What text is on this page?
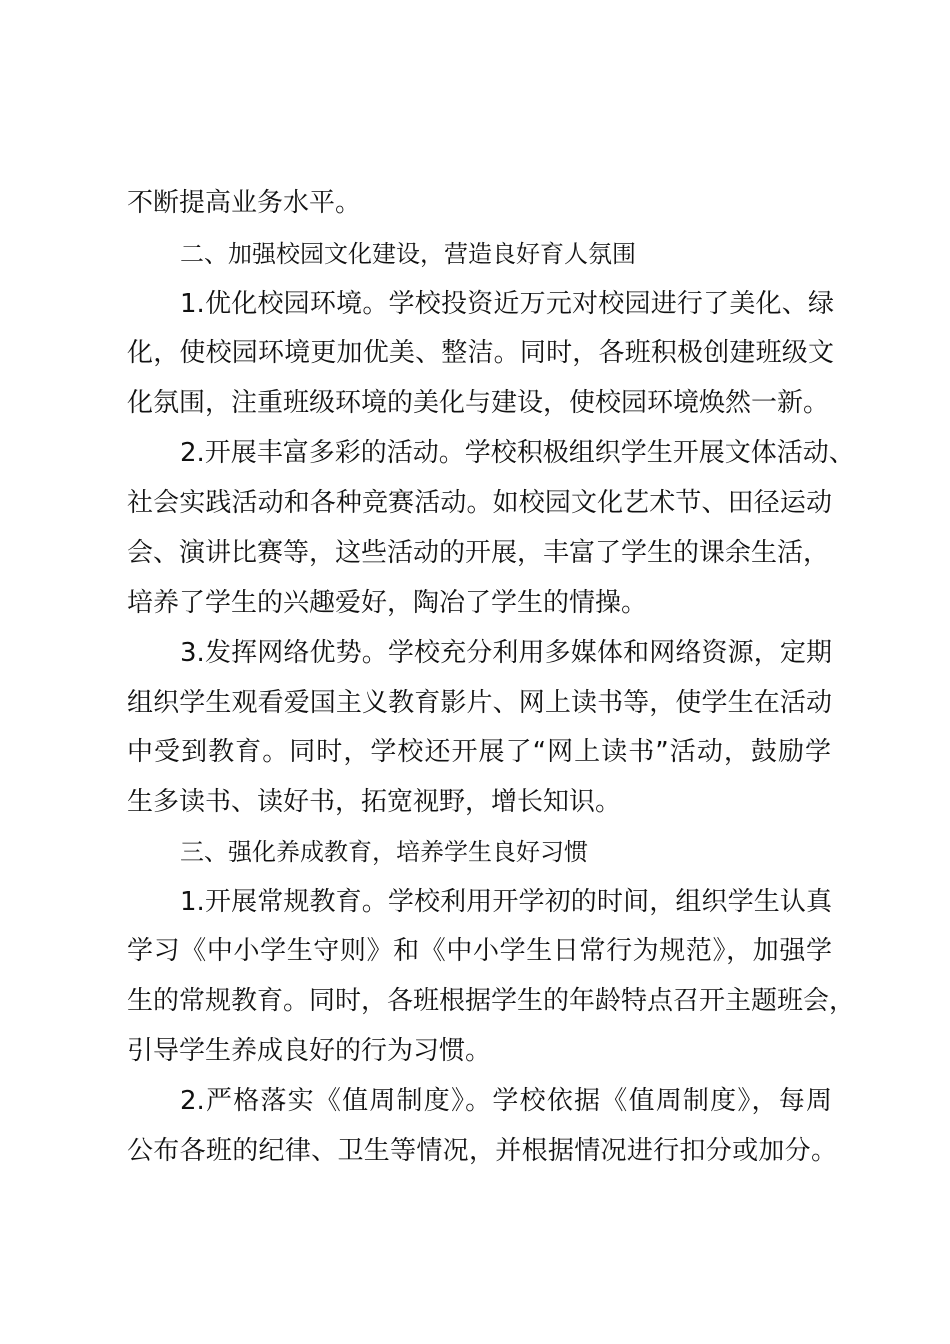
不断提高业务水平。
二、加强校园文化建设，营造良好育人氛围
1.优化校园环境。学校投资近万元对校园进行了美化、绿
化，使校园环境更加优美、整洁。同时，各班积极创建班级文
化氛围，注重班级环境的美化与建设，使校园环境焕然一新。
2.开展丰富多彩的活动。学校积极组织学生开展文体活动、
社会实践活动和各种竞赛活动。如校园文化艺术节、田径运动
会、演讲比赛等，这些活动的开展，丰富了学生的课余生活，
培养了学生的兴趣爱好，陶冶了学生的情操。
3.发挥网络优势。学校充分利用多媒体和网络资源，定期
组织学生观看爱国主义教育影片、网上读书等，使学生在活动
中受到教育。同时，学校还开展了“网上读书”活动，鼓励学
生多读书、读好书，拓宽视野，增长知识。
三、强化养成教育，培养学生良好习惯
1.开展常规教育。学校利用开学初的时间，组织学生认真
学习《中小学生守则》和《中小学生日常行为规范》，加强学
生的常规教育。同时，各班根据学生的年龄特点召开主题班会，
引导学生养成良好的行为习惯。
2.严格落实《值周制度》。学校依据《值周制度》，每周
公布各班的纪律、卫生等情况，并根据情况进行扣分或加分。
